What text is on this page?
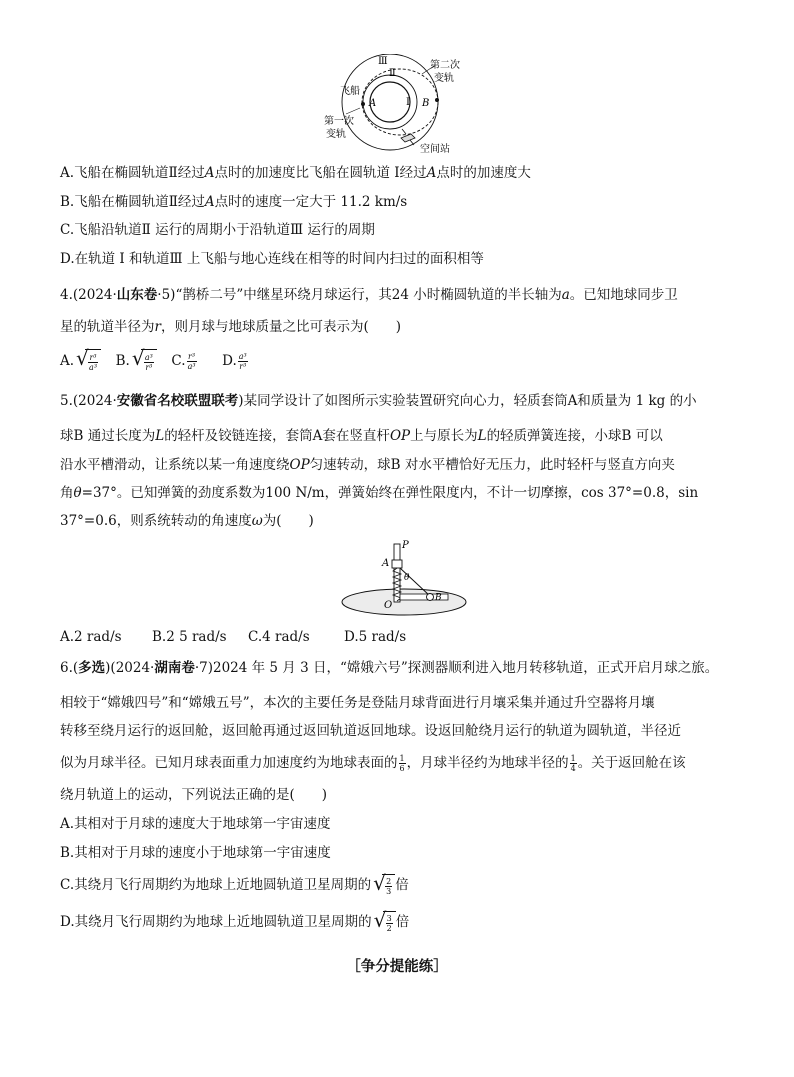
Ⅲ
Ⅱ
Ⅰ
飞船
A	B
第二次
变轨
第一次
变轨
空间站
A.飞船在椭圆轨道Ⅱ经过A点时的加速度比飞船在圆轨道 Ⅰ经过A点时的加速度大
B.飞船在椭圆轨道Ⅱ经过A点时的速度一定大于 11.2 km/s
C.飞船沿轨道Ⅱ 运行的周期小于沿轨道Ⅲ 运行的周期
D.在轨道 Ⅰ 和轨道Ⅲ 上飞船与地心连线在相等的时间内扫过的面积相等
4.(2024·山东卷·5)“鹊桥二号”中继星环绕月球运行，其24 小时椭圆轨道的半长轴为a。已知地球同步卫
星的轨道半径为r，则月球与地球质量之比可表示为(　　)
A. √ $\frac{\text{r³}}{\text{a³}} B$. √ $\frac{\text{a³}}{\text{r³}} C$. $\frac{\text{r³}}{\text{a³}} D$. $\frac{\text{a³}}{\text{r³}}$
5.(2024·安徽省名校联盟联考)某同学设计了如图所示实验装置研究向心力，轻质套筒A和质量为 1 kg 的小
球B 通过长度为L的轻杆及铰链连接，套筒A套在竖直杆OP上与原长为L的轻质弹簧连接，小球B 可以
沿水平槽滑动，让系统以某一角速度绕OP匀速转动，球B 对水平槽恰好无压力，此时轻杆与竖直方向夹
角θ=37°。已知弹簧的劲度系数为100 N/m，弹簧始终在弹性限度内，不计一切摩擦，cos 37°=0.8，sin
37°=0.6，则系统转动的角速度ω为(　　)
P
A
θ
O
B
A.2 rad/s B.2 5 rad/s C.4 rad/s	D.5 rad/s
6.(多选)(2024·湖南卷·7)2024 年 5 月 3 日，“嫦娥六号”探测器顺利进入地月转移轨道，正式开启月球之旅。
相较于“嫦娥四号”和“嫦娥五号”，本次的主要任务是登陆月球背面进行月壤采集并通过升空器将月壤
转移至绕月运行的返回舱，返回舱再通过返回轨道返回地球。设返回舱绕月运行的轨道为圆轨道，半径近
似为月球半径。已知月球表面重力加速度约为地球表面的 $\frac{1}{6}$ ，月球半径约为地球半径的 $\frac{1}{4}$ 。关于返回舱在该
绕月轨道上的运动，下列说法正确的是(　　)
A.其相对于月球的速度大于地球第一宇宙速度
B.其相对于月球的速度小于地球第一宇宙速度
C.其绕月飞行周期约为地球上近地圆轨道卫星周期的 √ $\frac{2}{3}$ 倍
D.其绕月飞行周期约为地球上近地圆轨道卫星周期的 √ $\frac{3}{2}$ 倍
［争分提能练］
